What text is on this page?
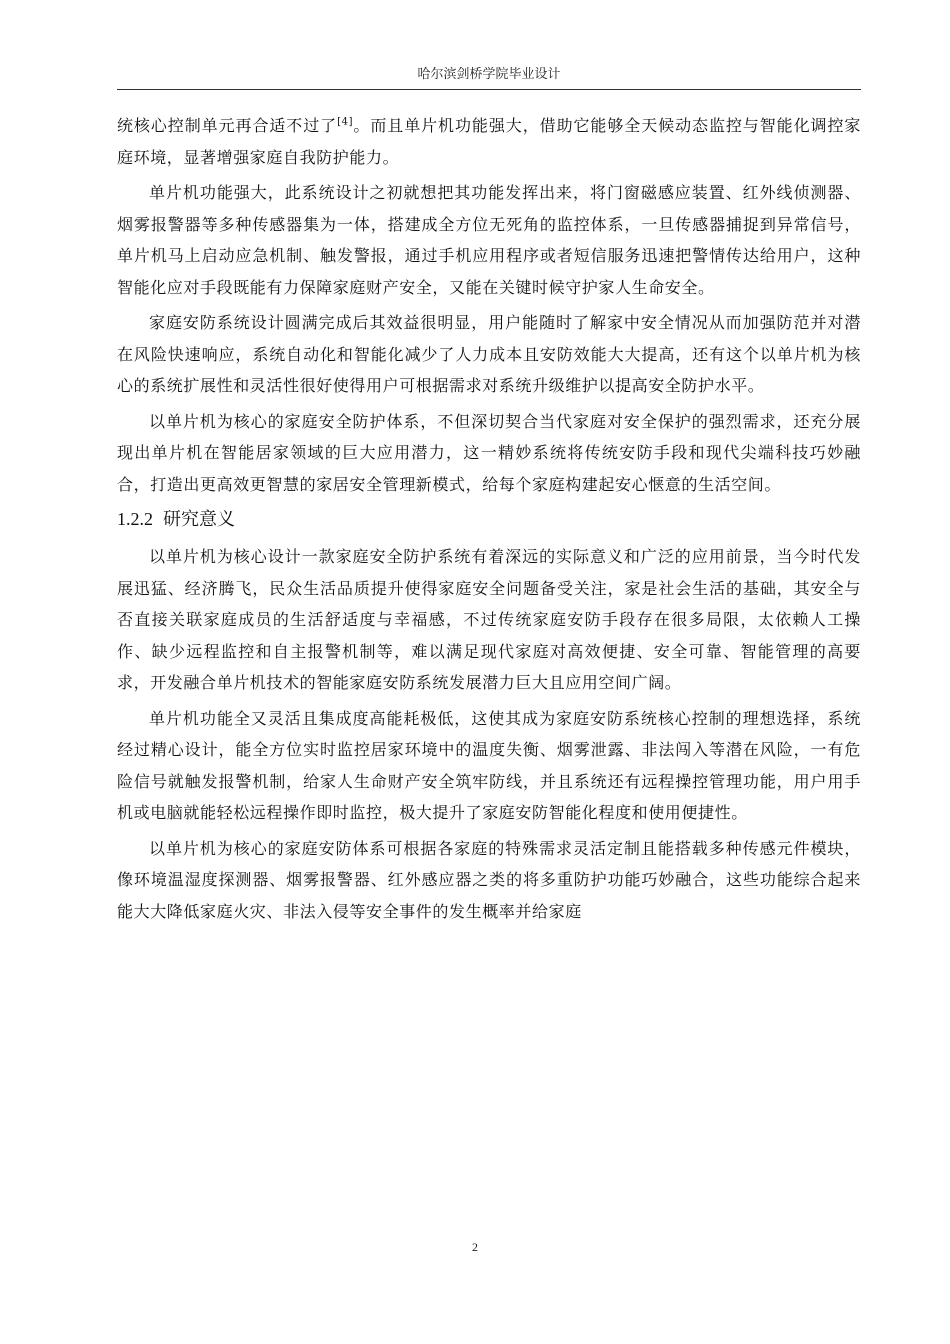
哈尔滨剑桥学院毕业设计

统核心控制单元再合适不过了[4]。而且单片机功能强大，借助它能够全天候动态监控与智能化调控家庭环境，显著增强家庭自我防护能力。

单片机功能强大，此系统设计之初就想把其功能发挥出来，将门窗磁感应装置、红外线侦测器、烟雾报警器等多种传感器集为一体，搭建成全方位无死角的监控体系，一旦传感器捕捉到异常信号，单片机马上启动应急机制、触发警报，通过手机应用程序或者短信服务迅速把警情传达给用户，这种智能化应对手段既能有力保障家庭财产安全，又能在关键时候守护家人生命安全。

家庭安防系统设计圆满完成后其效益很明显，用户能随时了解家中安全情况从而加强防范并对潜在风险快速响应，系统自动化和智能化减少了人力成本且安防效能大大提高，还有这个以单片机为核心的系统扩展性和灵活性很好使得用户可根据需求对系统升级维护以提高安全防护水平。

以单片机为核心的家庭安全防护体系，不但深切契合当代家庭对安全保护的强烈需求，还充分展现出单片机在智能居家领域的巨大应用潜力，这一精妙系统将传统安防手段和现代尖端科技巧妙融合，打造出更高效更智慧的家居安全管理新模式，给每个家庭构建起安心惬意的生活空间。

1.2.2 研究意义

以单片机为核心设计一款家庭安全防护系统有着深远的实际意义和广泛的应用前景，当今时代发展迅猛、经济腾飞，民众生活品质提升使得家庭安全问题备受关注，家是社会生活的基础，其安全与否直接关联家庭成员的生活舒适度与幸福感，不过传统家庭安防手段存在很多局限，太依赖人工操作、缺少远程监控和自主报警机制等，难以满足现代家庭对高效便捷、安全可靠、智能管理的高要求，开发融合单片机技术的智能家庭安防系统发展潜力巨大且应用空间广阔。

单片机功能全又灵活且集成度高能耗极低，这使其成为家庭安防系统核心控制的理想选择，系统经过精心设计，能全方位实时监控居家环境中的温度失衡、烟雾泄露、非法闯入等潜在风险，一有危险信号就触发报警机制，给家人生命财产安全筑牢防线，并且系统还有远程操控管理功能，用户用手机或电脑就能轻松远程操作即时监控，极大提升了家庭安防智能化程度和使用便捷性。

以单片机为核心的家庭安防体系可根据各家庭的特殊需求灵活定制且能搭载多种传感元件模块，像环境温湿度探测器、烟雾报警器、红外感应器之类的将多重防护功能巧妙融合，这些功能综合起来能大大降低家庭火灾、非法入侵等安全事件的发生概率并给家庭

2
